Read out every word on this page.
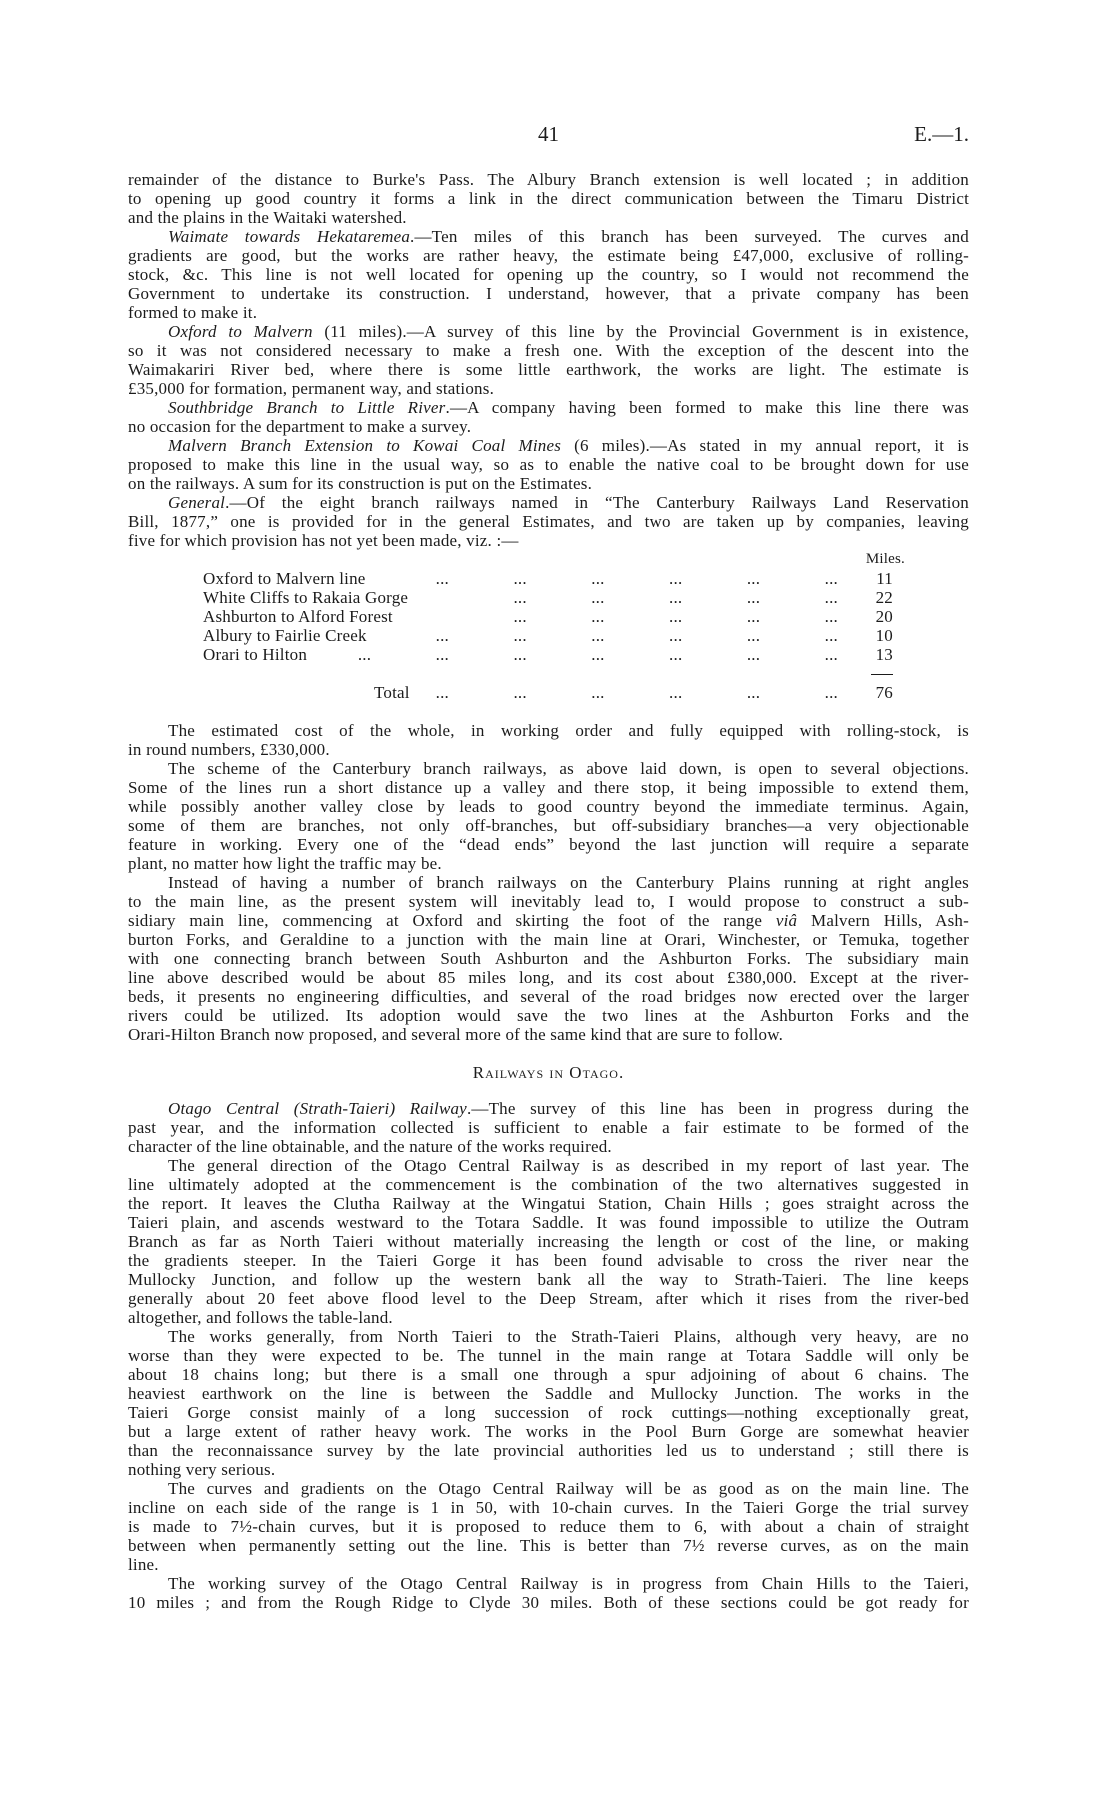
41	E.—1.
remainder of the distance to Burke's Pass. The Albury Branch extension is well located ; in addition
to opening up good country it forms a link in the direct communication between the Timaru District
and the plains in the Waitaki watershed.
Waimate towards Hekataremea.—Ten miles of this branch has been surveyed. The curves and
gradients are good, but the works are rather heavy, the estimate being £47,000, exclusive of rolling-
stock, &c. This line is not well located for opening up the country, so I would not recommend the
Government to undertake its construction. I understand, however, that a private company has been
formed to make it.
Oxford to Malvern (11 miles).—A survey of this line by the Provincial Government is in existence,
so it was not considered necessary to make a fresh one. With the exception of the descent into the
Waimakariri River bed, where there is some little earthwork, the works are light. The estimate is
£35,000 for formation, permanent way, and stations.
Southbridge Branch to Little River.—A company having been formed to make this line there was
no occasion for the department to make a survey.
Malvern Branch Extension to Kowai Coal Mines (6 miles).—As stated in my annual report, it is
proposed to make this line in the usual way, so as to enable the native coal to be brought down for use
on the railways. A sum for its construction is put on the Estimates.
General.—Of the eight branch railways named in “The Canterbury Railways Land Reservation
Bill, 1877,” one is provided for in the general Estimates, and two are taken up by companies, leaving
five for which provision has not yet been made, viz. :—
Miles.
Oxford to Malvern line	... ... ... ... ... ... 11
White Cliffs to Rakaia Gorge	... ... ... ... ... 22
Ashburton to Alford Forest	... ... ... ... ... 20
Albury to Fairlie Creek	... ... ... ... ... ... 10
Orari to Hilton	... ... ... ... ... ... ... 13
Total ... ... ... ... ... ... 76
The estimated cost of the whole, in working order and fully equipped with rolling-stock, is
in round numbers, £330,000.
The scheme of the Canterbury branch railways, as above laid down, is open to several objections.
Some of the lines run a short distance up a valley and there stop, it being impossible to extend them,
while possibly another valley close by leads to good country beyond the immediate terminus. Again,
some of them are branches, not only off-branches, but off-subsidiary branches—a very objectionable
feature in working. Every one of the “dead ends” beyond the last junction will require a separate
plant, no matter how light the traffic may be.
Instead of having a number of branch railways on the Canterbury Plains running at right angles
to the main line, as the present system will inevitably lead to, I would propose to construct a sub-
sidiary main line, commencing at Oxford and skirting the foot of the range viâ Malvern Hills, Ash-
burton Forks, and Geraldine to a junction with the main line at Orari, Winchester, or Temuka, together
with one connecting branch between South Ashburton and the Ashburton Forks. The subsidiary main
line above described would be about 85 miles long, and its cost about £380,000. Except at the river-
beds, it presents no engineering difficulties, and several of the road bridges now erected over the larger
rivers could be utilized. Its adoption would save the two lines at the Ashburton Forks and the
Orari-Hilton Branch now proposed, and several more of the same kind that are sure to follow.
Railways in Otago.
Otago Central (Strath-Taieri) Railway.—The survey of this line has been in progress during the
past year, and the information collected is sufficient to enable a fair estimate to be formed of the
character of the line obtainable, and the nature of the works required.
The general direction of the Otago Central Railway is as described in my report of last year. The
line ultimately adopted at the commencement is the combination of the two alternatives suggested in
the report. It leaves the Clutha Railway at the Wingatui Station, Chain Hills ; goes straight across the
Taieri plain, and ascends westward to the Totara Saddle. It was found impossible to utilize the Outram
Branch as far as North Taieri without materially increasing the length or cost of the line, or making
the gradients steeper. In the Taieri Gorge it has been found advisable to cross the river near the
Mullocky Junction, and follow up the western bank all the way to Strath-Taieri. The line keeps
generally about 20 feet above flood level to the Deep Stream, after which it rises from the river-bed
altogether, and follows the table-land.
The works generally, from North Taieri to the Strath-Taieri Plains, although very heavy, are no
worse than they were expected to be. The tunnel in the main range at Totara Saddle will only be
about 18 chains long; but there is a small one through a spur adjoining of about 6 chains. The
heaviest earthwork on the line is between the Saddle and Mullocky Junction. The works in the
Taieri Gorge consist mainly of a long succession of rock cuttings—nothing exceptionally great,
but a large extent of rather heavy work. The works in the Pool Burn Gorge are somewhat heavier
than the reconnaissance survey by the late provincial authorities led us to understand ; still there is
nothing very serious.
The curves and gradients on the Otago Central Railway will be as good as on the main line. The
incline on each side of the range is 1 in 50, with 10-chain curves. In the Taieri Gorge the trial survey
is made to 7½-chain curves, but it is proposed to reduce them to 6, with about a chain of straight
between when permanently setting out the line. This is better than 7½ reverse curves, as on the main
line.
The working survey of the Otago Central Railway is in progress from Chain Hills to the Taieri,
10 miles ; and from the Rough Ridge to Clyde 30 miles. Both of these sections could be got ready for
